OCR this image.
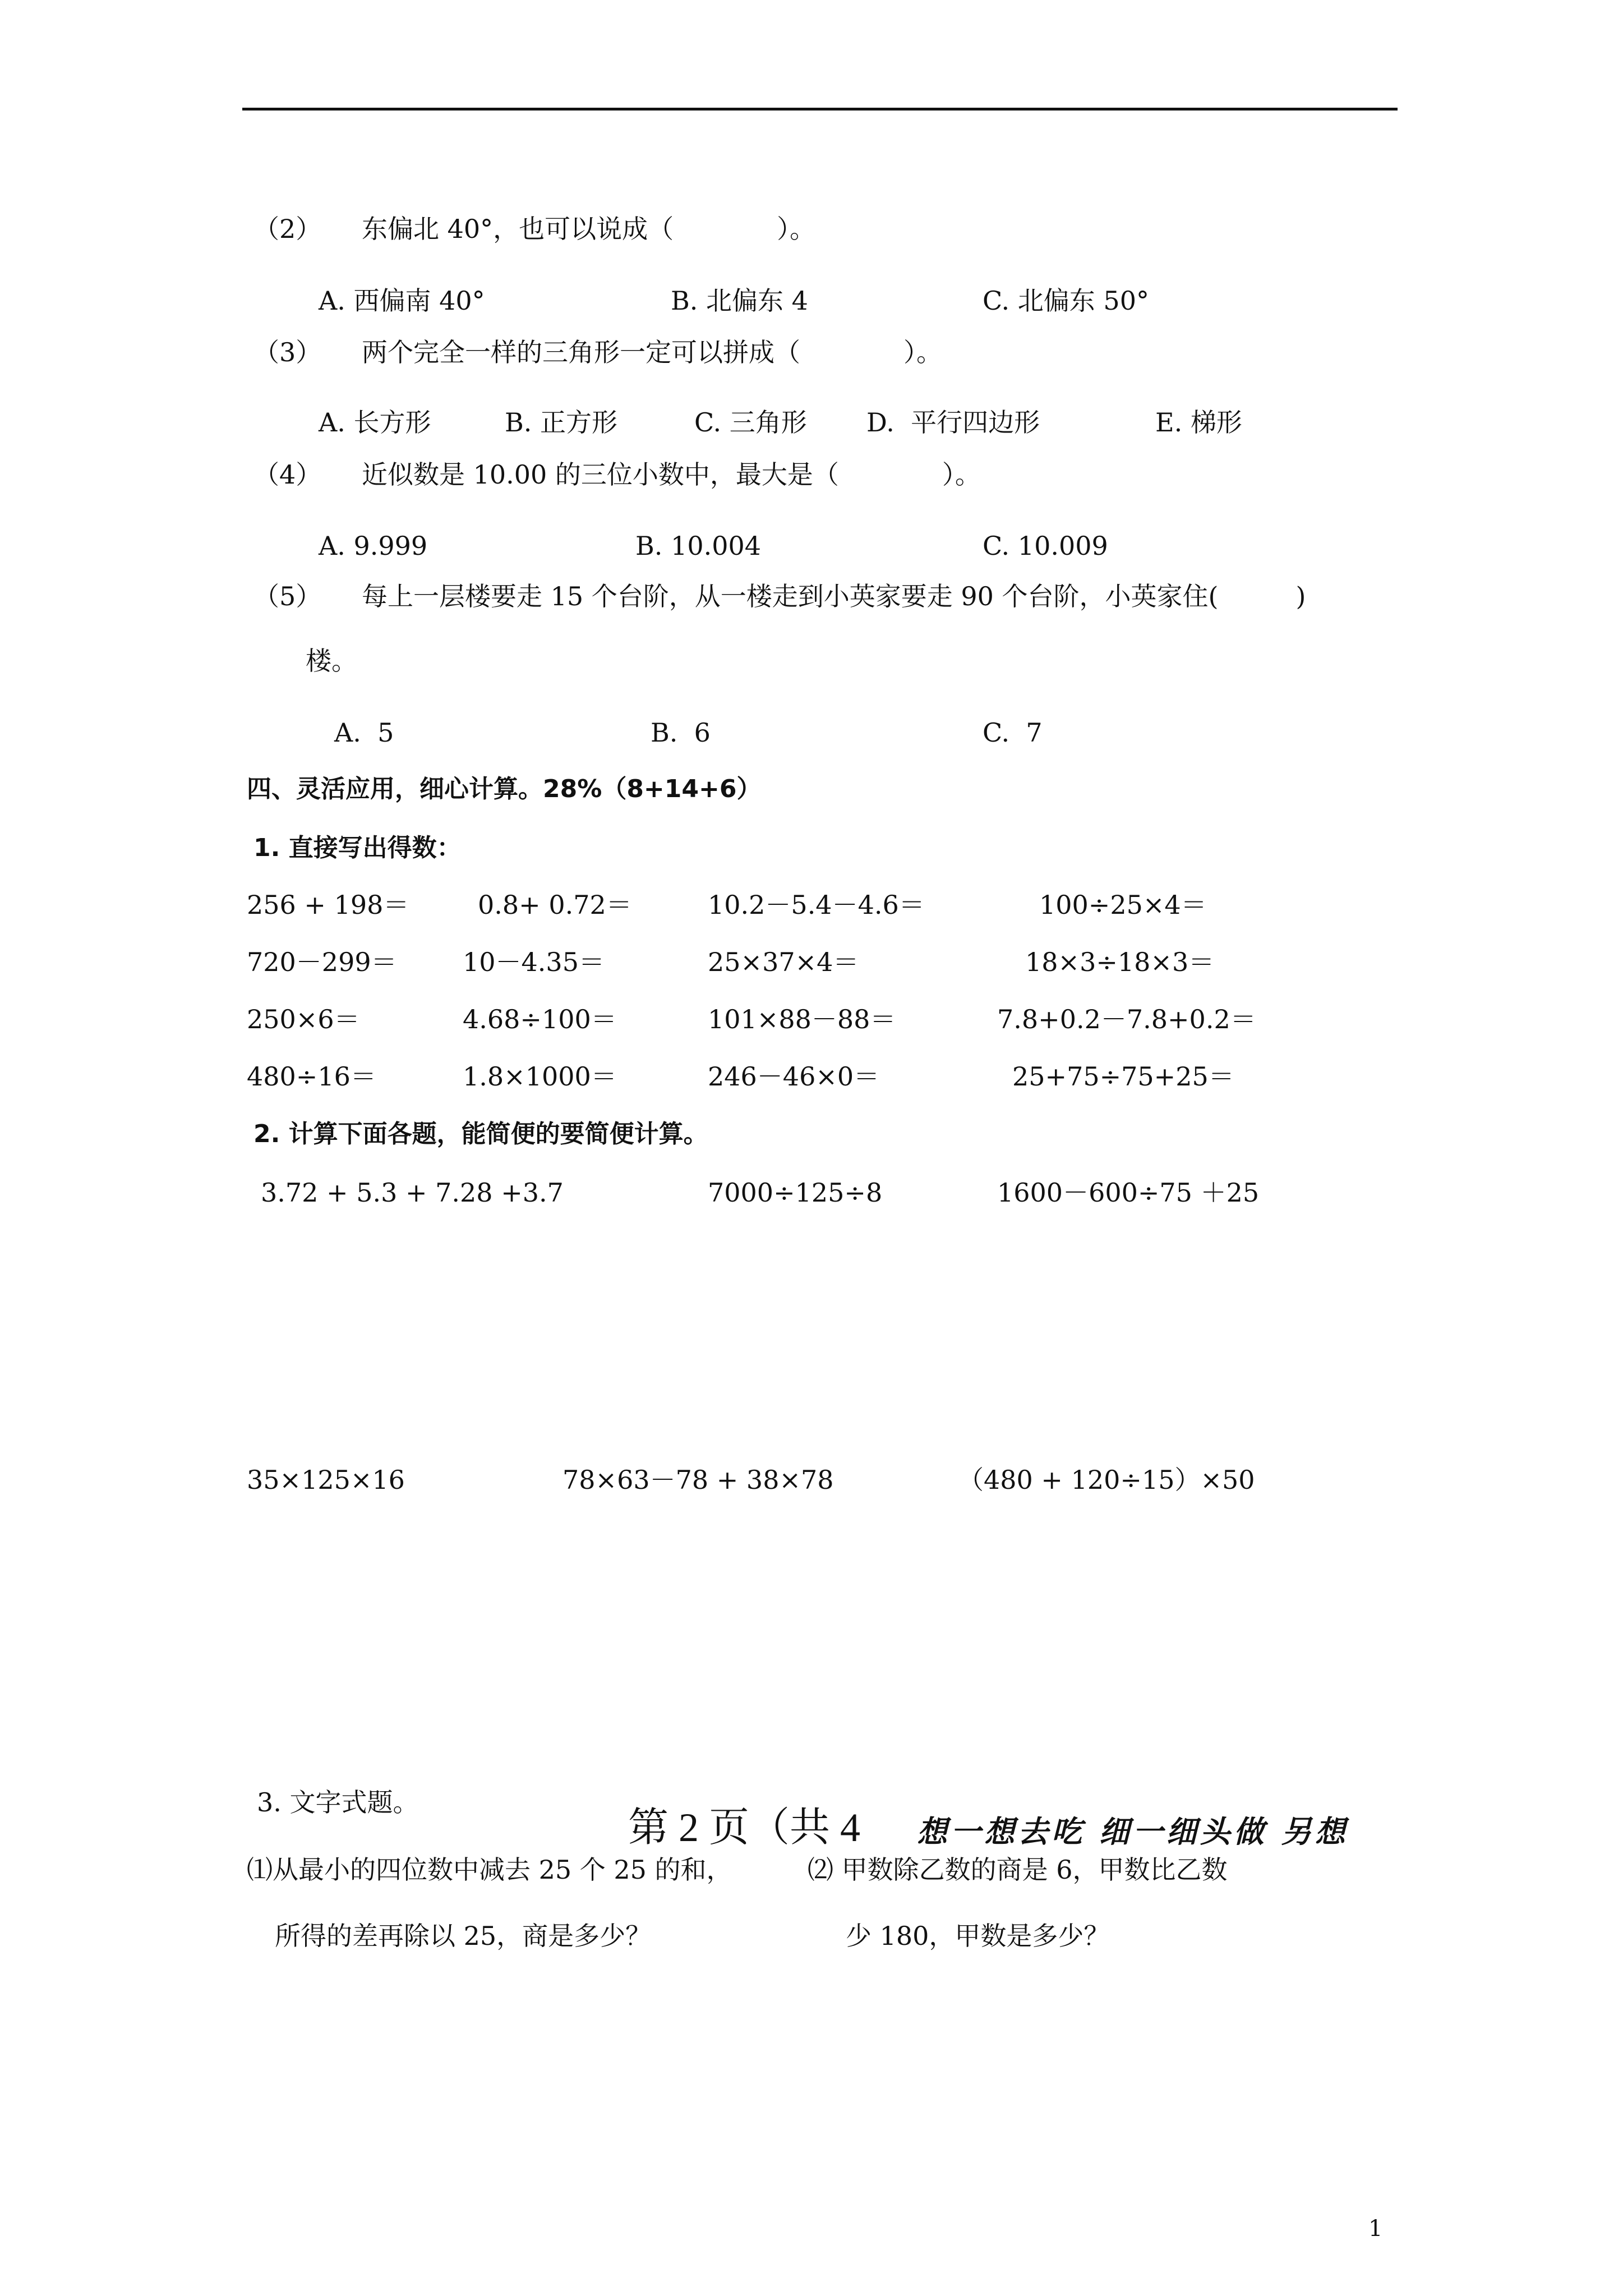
（2） 东偏北 40°，也可以说成（　　　　）。
A. 西偏南 40°	B. 北偏东 4	C. 北偏东 50°
（3） 两个完全一样的三角形一定可以拼成（　　　　）。
A. 长方形	B. 正方形	C. 三角形 D.  平行四边形	E. 梯形
（4） 近似数是 10.00 的三位小数中，最大是（　　　　）。
A. 9.999	B. 10.004	C. 10.009
（5） 每上一层楼要走 15 个台阶，从一楼走到小英家要走 90 个台阶，小英家住(　　　)
楼。
A.  5	B.  6	C.  7
四、灵活应用，细心计算。28%（8+14+6）
1. 直接写出得数：
256 + 198＝	0.8+ 0.72＝	10.2－5.4－4.6＝	100÷25×4＝
720－299＝	10－4.35＝	25×37×4＝	18×3÷18×3＝
250×6＝	4.68÷100＝	101×88－88＝	7.8+0.2－7.8+0.2＝
480÷16＝	1.8×1000＝	246－46×0＝	25+75÷75+25＝
2. 计算下面各题，能简便的要简便计算。
3.72 + 5.3 + 7.28 +3.7	7000÷125÷8	1600－600÷75 ＋25
35×125×16	78×63－78 + 38×78	（480 + 120÷15）×50
3. 文字式题。
第 2 页（共 4 想一想去吃 细一细头做 另想
⑴从最小的四位数中减去 25 个 25 的和，	⑵ 甲数除乙数的商是 6，甲数比乙数
所得的差再除以 25，商是多少？	少 180，甲数是多少？
1
